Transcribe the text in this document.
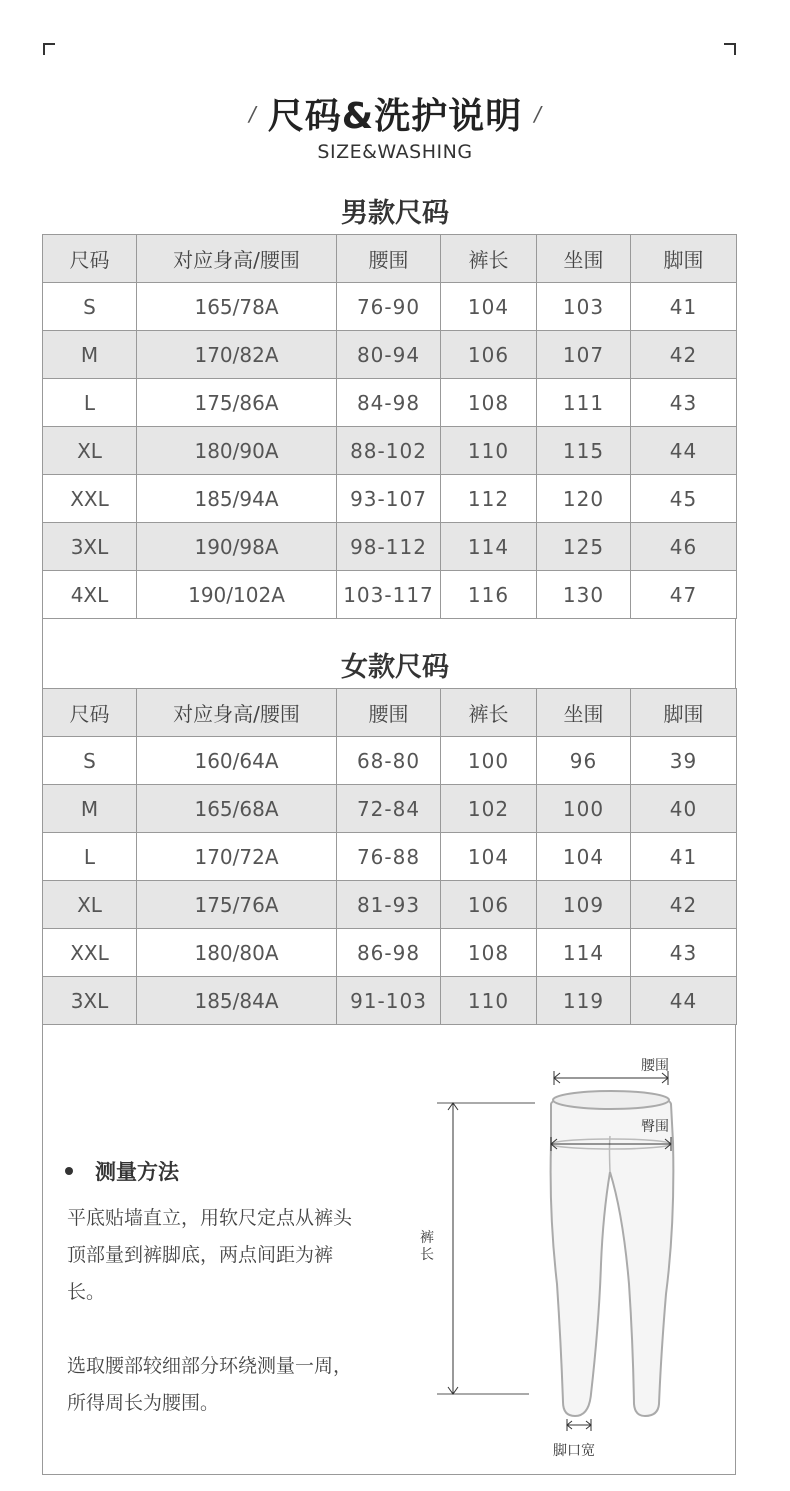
/ 尺码&洗护说明 /
SIZE&WASHING
男款尺码
尺码	对应身高/腰围	腰围	裤长	坐围	脚围
S	165/78A	76-90	104	103	41
M	170/82A	80-94	106	107	42
L	175/86A	84-98	108	111	43
XL	180/90A	88-102	110	115	44
XXL	185/94A	93-107	112	120	45
3XL	190/98A	98-112	114	125	46
4XL	190/102A	103-117	116	130	47
女款尺码
尺码	对应身高/腰围	腰围	裤长	坐围	脚围
S	160/64A	68-80	100	96	39
M	165/68A	72-84	102	100	40
L	170/72A	76-88	104	104	41
XL	175/76A	81-93	106	109	42
XXL	180/80A	86-98	108	114	43
3XL	185/84A	91-103	110	119	44
测量方法
平底贴墙直立，用软尺定点从裤头顶部量到裤脚底，两点间距为裤长。
选取腰部较细部分环绕测量一周，所得周长为腰围。
腰围
臀围
裤
长
脚口宽
